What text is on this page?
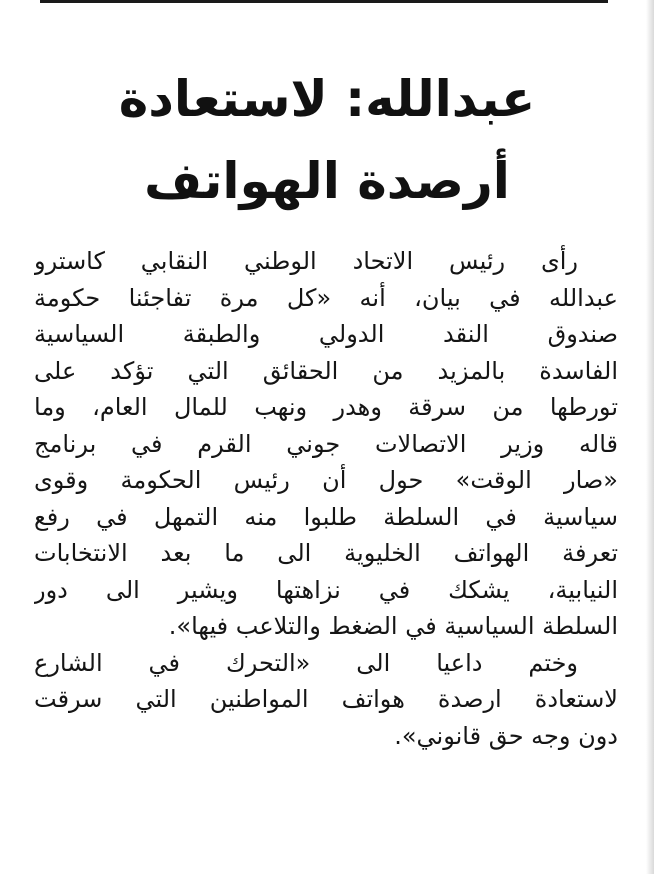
عبدالله: لاستعادة
أرصدة الهواتف
رأى رئيس الاتحاد الوطني النقابي كاسترو
عبدالله في بيان، أنه «كل مرة تفاجئنا حكومة
صندوق النقد الدولي والطبقة السياسية
الفاسدة بالمزيد من الحقائق التي تؤكد على
تورطها من سرقة وهدر ونهب للمال العام، وما
قاله وزير الاتصالات جوني القرم في برنامج
«صار الوقت» حول أن رئيس الحكومة وقوى
سياسية في السلطة طلبوا منه التمهل في رفع
تعرفة الهواتف الخليوية الى ما بعد الانتخابات
النيابية، يشكك في نزاهتها ويشير الى دور
السلطة السياسية في الضغط والتلاعب فيها».
وختم داعيا الى «التحرك في الشارع
لاستعادة ارصدة هواتف المواطنين التي سرقت
دون وجه حق قانوني».
